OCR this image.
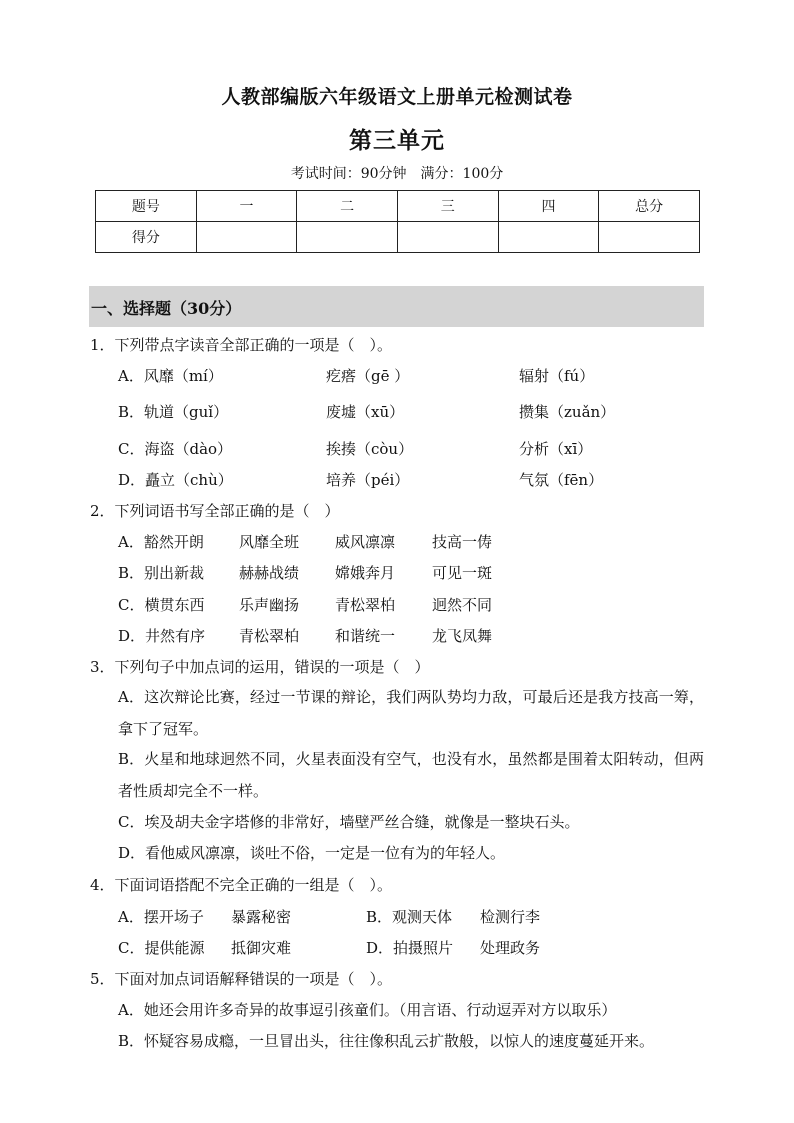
人教部编版六年级语文上册单元检测试卷
第三单元
考试时间：90分钟　满分：100分
题号	一	二	三	四	总分
得分					
一、选择题（30分）
1．下列带点字读音全部正确的一项是（　）。
A．风靡（mí）	疙瘩（gē ）	辐射（fú）
B．轨道（guǐ）	废墟（xū）	攒集（zuǎn）
C．海盗（dào）	挨揍（còu）	分析（xī）
D．矗立（chù）	培养（péi）	气氛（fēn）
2．下列词语书写全部正确的是（　）
A．豁然开朗 风靡全班 威风凛凛 技高一俦
B．别出新裁 赫赫战绩 嫦娥奔月 可见一斑
C．横贯东西 乐声幽扬 青松翠柏 迥然不同
D．井然有序 青松翠柏 和谐统一 龙飞凤舞
3．下列句子中加点词的运用，错误的一项是（　）
A．这次辩论比赛，经过一节课的辩论，我们两队势均力敌，可最后还是我方技高一筹，拿下了冠军。
B．火星和地球迥然不同，火星表面没有空气，也没有水，虽然都是围着太阳转动，但两者性质却完全不一样。
C．埃及胡夫金字塔修的非常好，墙壁严丝合缝，就像是一整块石头。
D．看他威风凛凛，谈吐不俗，一定是一位有为的年轻人。
4．下面词语搭配不完全正确的一组是（　）。
A．摆开场子 暴露秘密	B．观测天体 检测行李
C．提供能源 抵御灾难	D．拍摄照片 处理政务
5．下面对加点词语解释错误的一项是（　）。
A．她还会用许多奇异的故事逗引孩童们。（用言语、行动逗弄对方以取乐）
B．怀疑容易成瘾，一旦冒出头，往往像积乱云扩散般，以惊人的速度蔓延开来。
